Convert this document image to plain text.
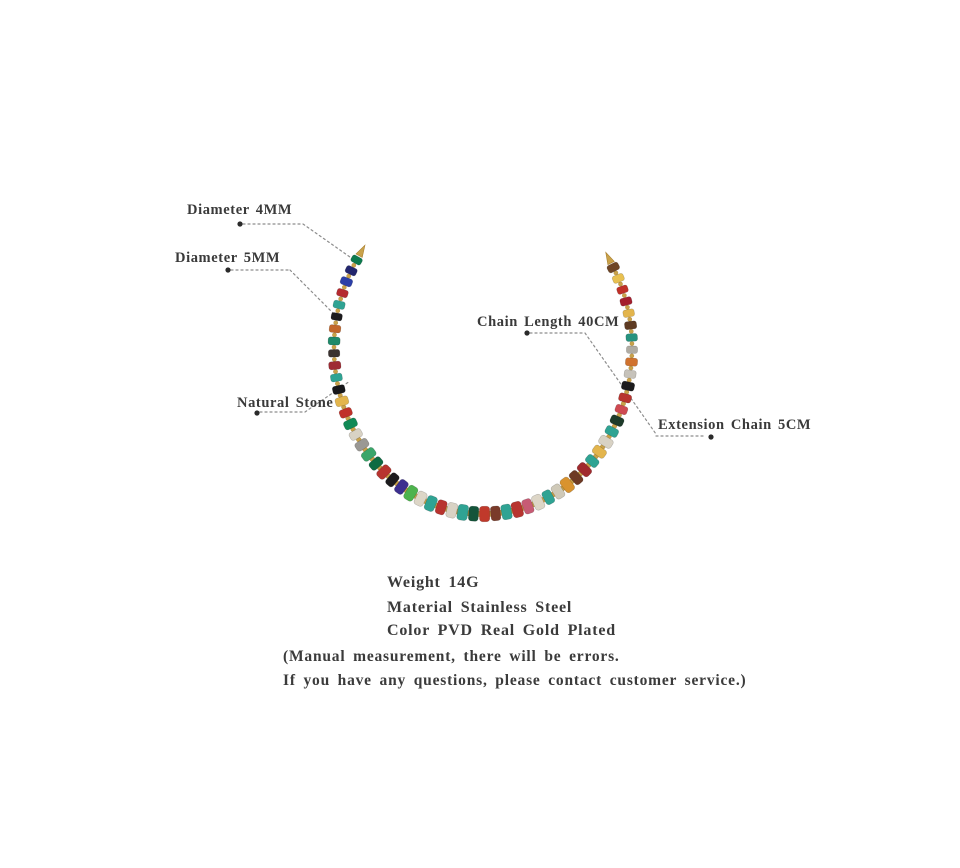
Diameter 4MM
Diameter 5MM
Chain Length 40CM
Natural Stone
Extension Chain 5CM
Weight 14G
Material Stainless Steel
Color PVD Real Gold Plated
(Manual measurement, there will be errors.
If you have any questions, please contact customer service.)
